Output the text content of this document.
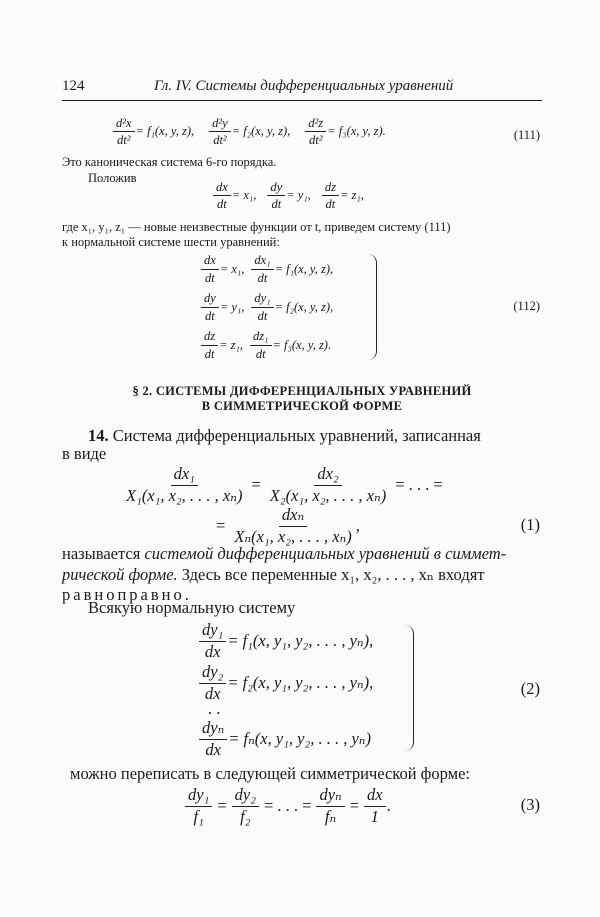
124	Гл. IV. Системы дифференциальных уравнений
$\frac{\text{d²x}}{\text{dt²}} = f_1(x$, y, z), $\frac{\text{d²y}}{\text{dt²}} = f_2(x$, y, z), $\frac{\text{d²z}}{\text{dt²}} = f_3(x$, y, z).	(111)
Это каноническая система 6-го порядка.
Положив
$\frac{dx}{dt} = x_1$, $\frac{dy}{dt} = y_1$, $\frac{dz}{dt} = z_1$,
где x₁, y₁, z₁ — новые неизвестные функции от t, приведем систему (111)
к нормальной системе шести уравнений:
$\frac{dx}{dt} = x_1$, $\frac{\text{dx₁}}{dt} = f_1(x$, y, z),
$\frac{dy}{dt} = y_1$, $\frac{\text{dy₁}}{dt} = f_2(x$, y, z),
$\frac{dz}{dt} = z_1$, $\frac{\text{dz₁}}{dt} = f_3(x$, y, z).
(112)
§ 2. СИСТЕМЫ ДИФФЕРЕНЦИАЛЬНЫХ УРАВНЕНИЙ
В СИММЕТРИЧЕСКОЙ ФОРМЕ
14. Система дифференциальных уравнений, записанная
в виде
$\frac{\text{dx₁}}{\text{X₁(x₁, x₂, . . . , xₙ)}} = \frac{\text{dx₂}}{\text{X₂(x₁, x₂, . . . , xₙ)}}$ = . . . =
= $\frac{\text{dxₙ}}{\text{Xₙ(x₁, x₂, . . . , xₙ)}}$ ,	(1)
называется системой дифференциальных уравнений в симмет-
рической форме. Здесь все переменные x₁, x₂, . . . , xₙ входят
равноправно.
Всякую нормальную систему
$\frac{\text{dy₁}}{dx} = f_1(x$, y₁, y₂, . . . , yₙ),
$\frac{\text{dy₂}}{dx} = f_2(x$, y₁, y₂, . . . , yₙ),
. .
$\frac{\text{dyₙ}}{dx} = f_n(x$, y₁, y₂, . . . , yₙ)
(2)
можно переписать в следующей симметрической форме:
$\frac{\text{dy₁}}{\text{f₁}} = \frac{\text{dy₂}}{\text{f₂}}$ = . . . = $\frac{\text{dyₙ}}{\text{fₙ}} = \frac{dx}{1}$ .	(3)
